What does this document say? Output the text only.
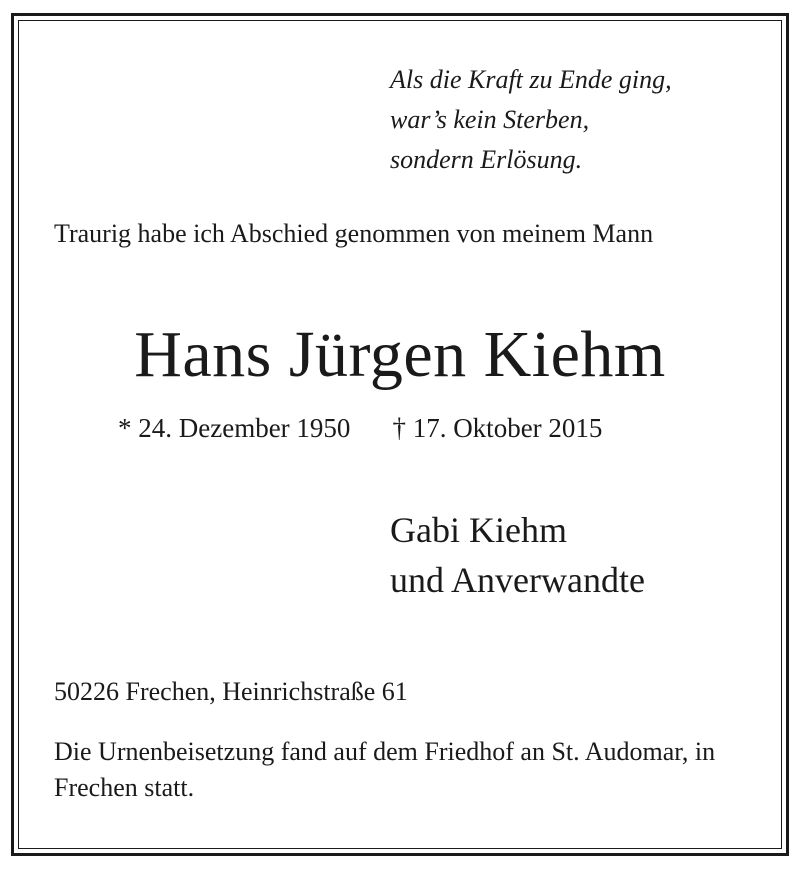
Als die Kraft zu Ende ging,
war’s kein Sterben,
sondern Erlösung.
Traurig habe ich Abschied genommen von meinem Mann
Hans Jürgen Kiehm
* 24. Dezember 1950 † 17. Oktober 2015
Gabi Kiehm
und Anverwandte
50226 Frechen, Heinrichstraße 61
Die Urnenbeisetzung fand auf dem Friedhof an St. Audomar, in Frechen statt.
